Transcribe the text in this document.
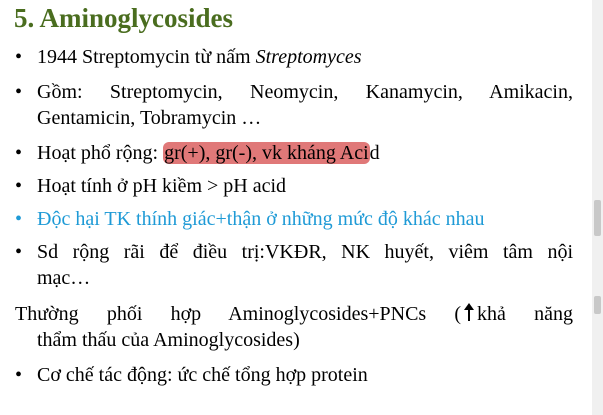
5. Aminoglycosides
• 1944 Streptomycin từ nấm Streptomyces
• Gồm: Streptomycin, Neomycin, Kanamycin, Amikacin,
Gentamicin, Tobramycin …
• Hoạt phổ rộng: gr(+), gr(-), vk kháng Acid
• Hoạt tính ở pH kiềm > pH acid
• Độc hại TK thính giác+thận ở những mức độ khác nhau
• Sd rộng rãi để điều trị:VKĐR, NK huyết, viêm tâm nội
mạc…
Thường phối hợp Aminoglycosides+PNCs ( khả năng
thẩm thấu của Aminoglycosides)
• Cơ chế tác động: ức chế tổng hợp protein
